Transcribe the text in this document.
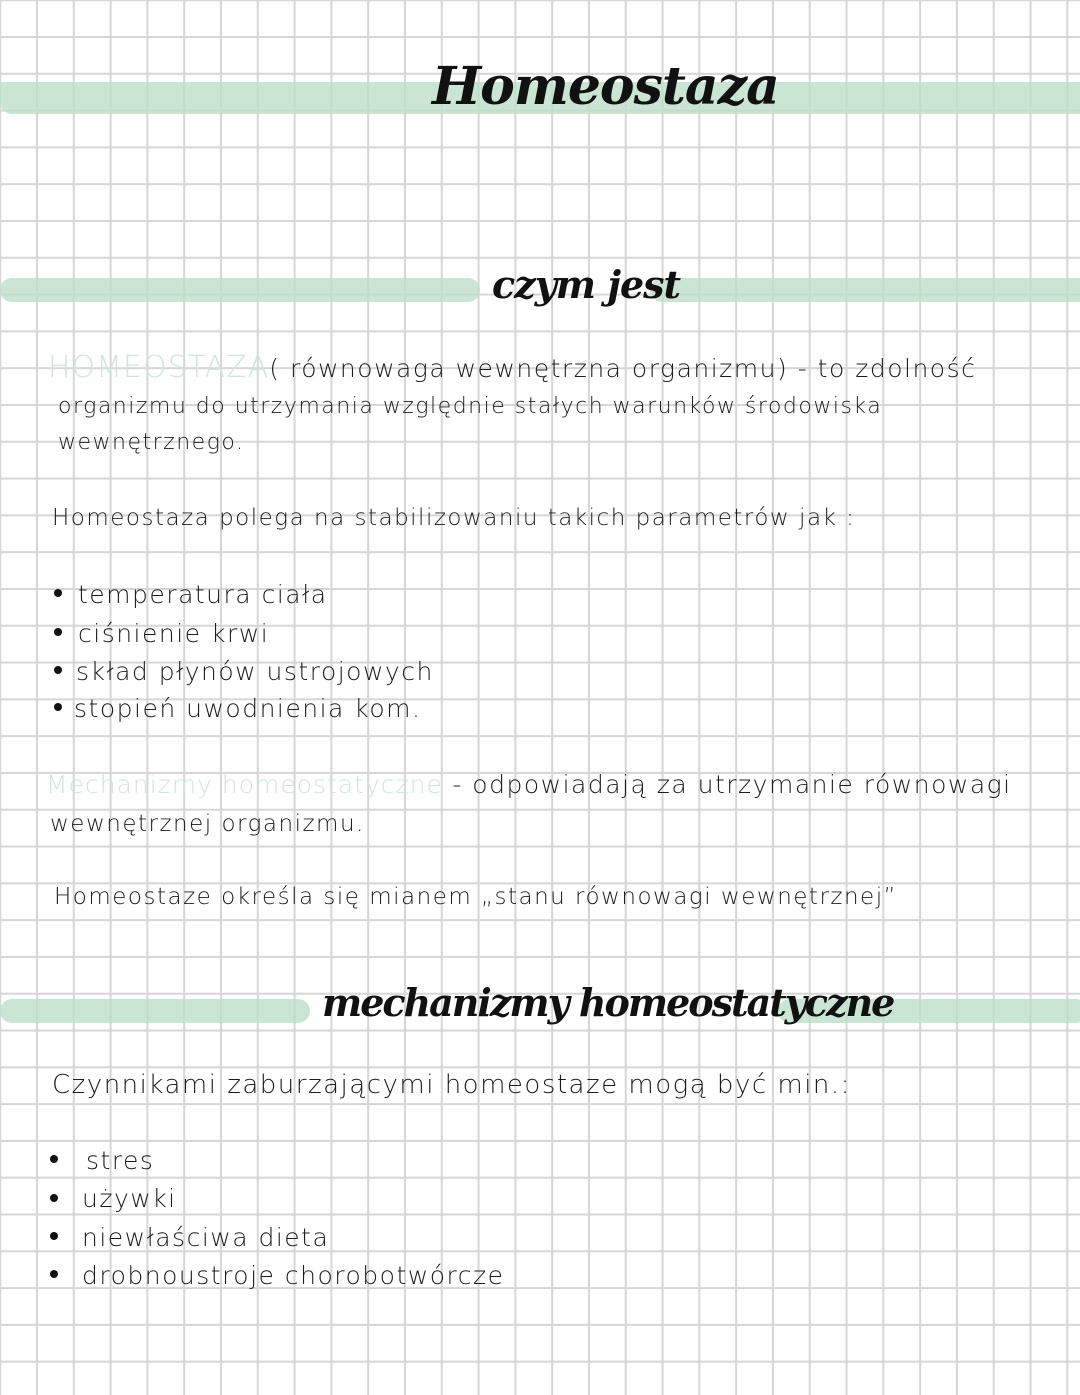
Homeostaza
czym jest
HOMEOSTAZA( równowaga wewnętrzna organizmu) - to zdolność
organizmu do utrzymania względnie stałych warunków środowiska
wewnętrznego.
Homeostaza polega na stabilizowaniu takich parametrów jak :
temperatura ciała
ciśnienie krwi
skład płynów ustrojowych
stopień uwodnienia kom.
Mechanizmy homeostatyczne - odpowiadają za utrzymanie równowagi
wewnętrznej organizmu.
Homeostaze określa się mianem „stanu równowagi wewnętrznej”
mechanizmy homeostatyczne
Czynnikami zaburzającymi homeostaze mogą być min.:
stres
używki
niewłaściwa dieta
drobnoustroje chorobotwórcze
